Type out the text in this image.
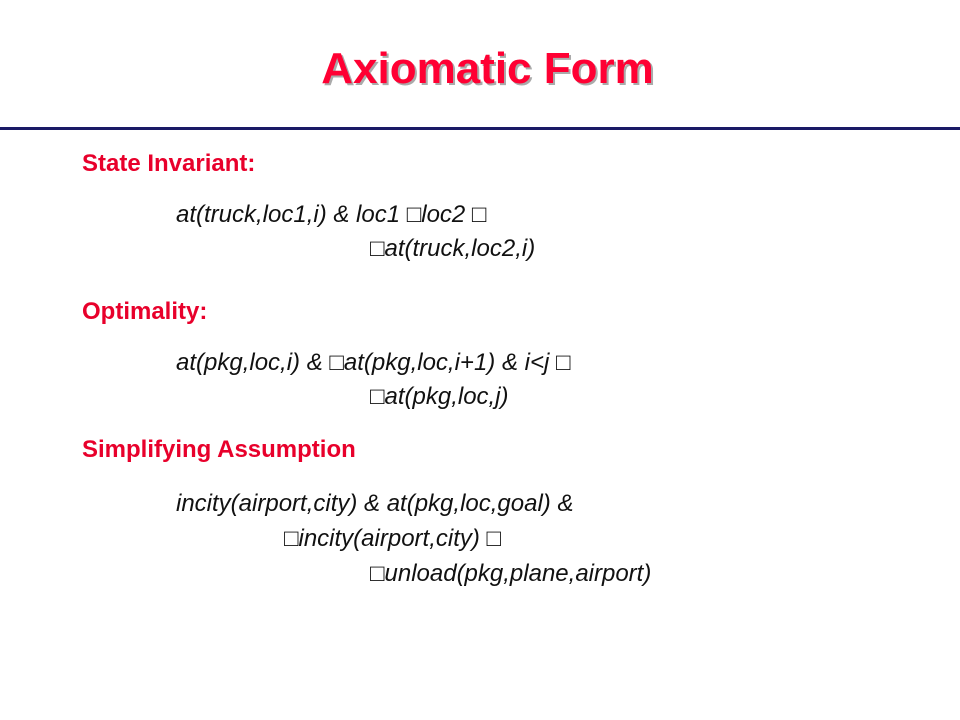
Axiomatic Form
State Invariant:
at(truck,loc1,i) & loc1 □loc2 □
□at(truck,loc2,i)
Optimality:
at(pkg,loc,i) & □at(pkg,loc,i+1) & i<j □
□at(pkg,loc,j)
Simplifying Assumption
incity(airport,city) & at(pkg,loc,goal) &
□incity(airport,city) □
□unload(pkg,plane,airport)
